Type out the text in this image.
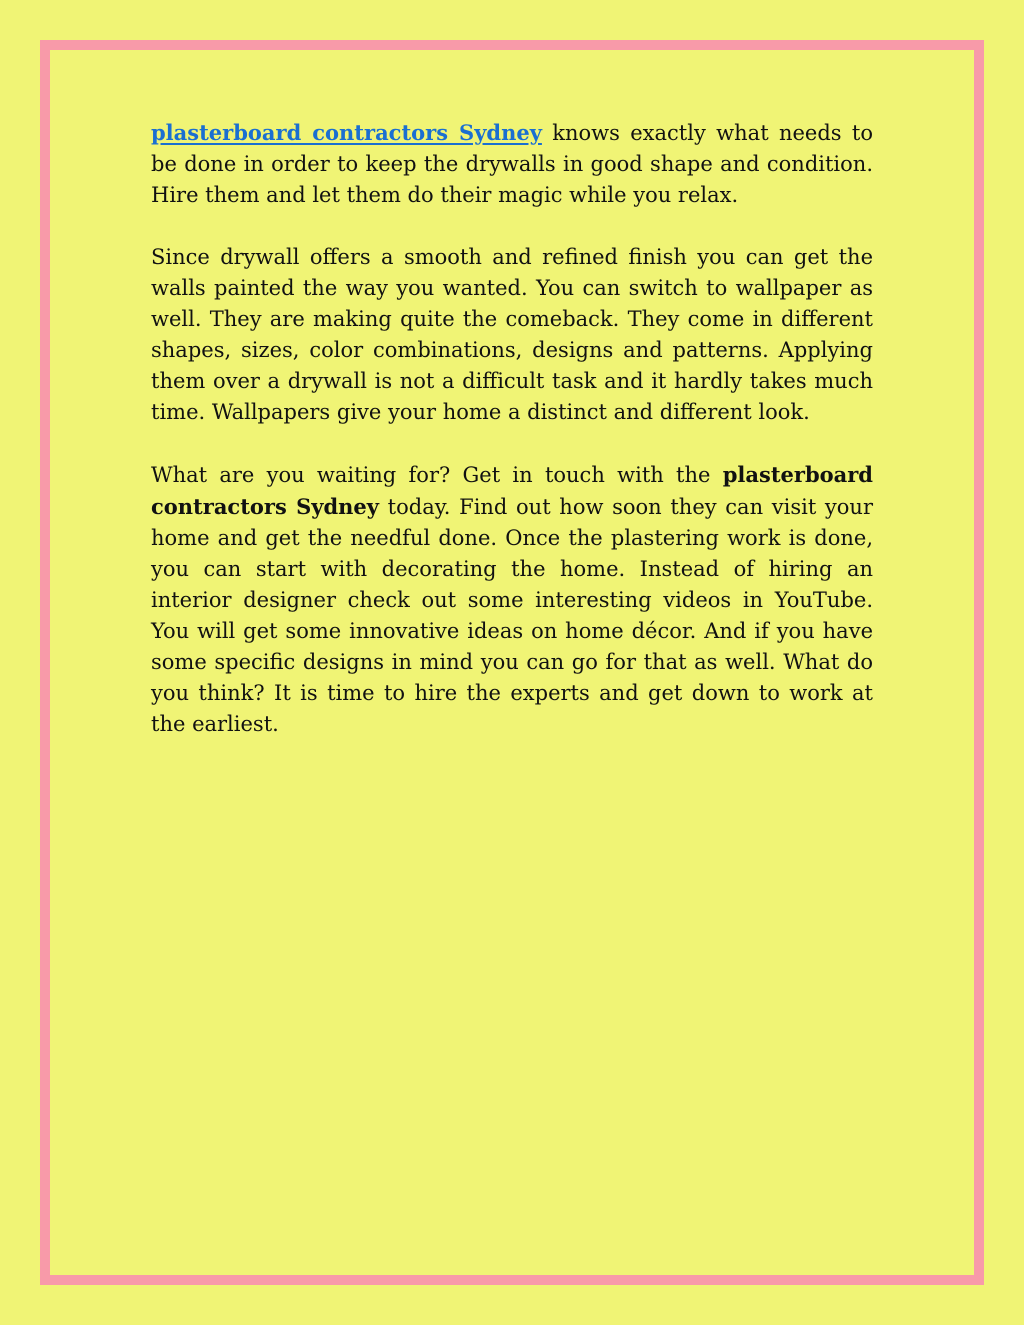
plasterboard contractors Sydney knows exactly what needs to be done in order to keep the drywalls in good shape and condition. Hire them and let them do their magic while you relax.

Since drywall offers a smooth and refined finish you can get the walls painted the way you wanted. You can switch to wallpaper as well. They are making quite the comeback. They come in different shapes, sizes, color combinations, designs and patterns. Applying them over a drywall is not a difficult task and it hardly takes much time. Wallpapers give your home a distinct and different look.

What are you waiting for? Get in touch with the plasterboard contractors Sydney today. Find out how soon they can visit your home and get the needful done. Once the plastering work is done, you can start with decorating the home. Instead of hiring an interior designer check out some interesting videos in YouTube. You will get some innovative ideas on home décor. And if you have some specific designs in mind you can go for that as well. What do you think? It is time to hire the experts and get down to work at the earliest.
